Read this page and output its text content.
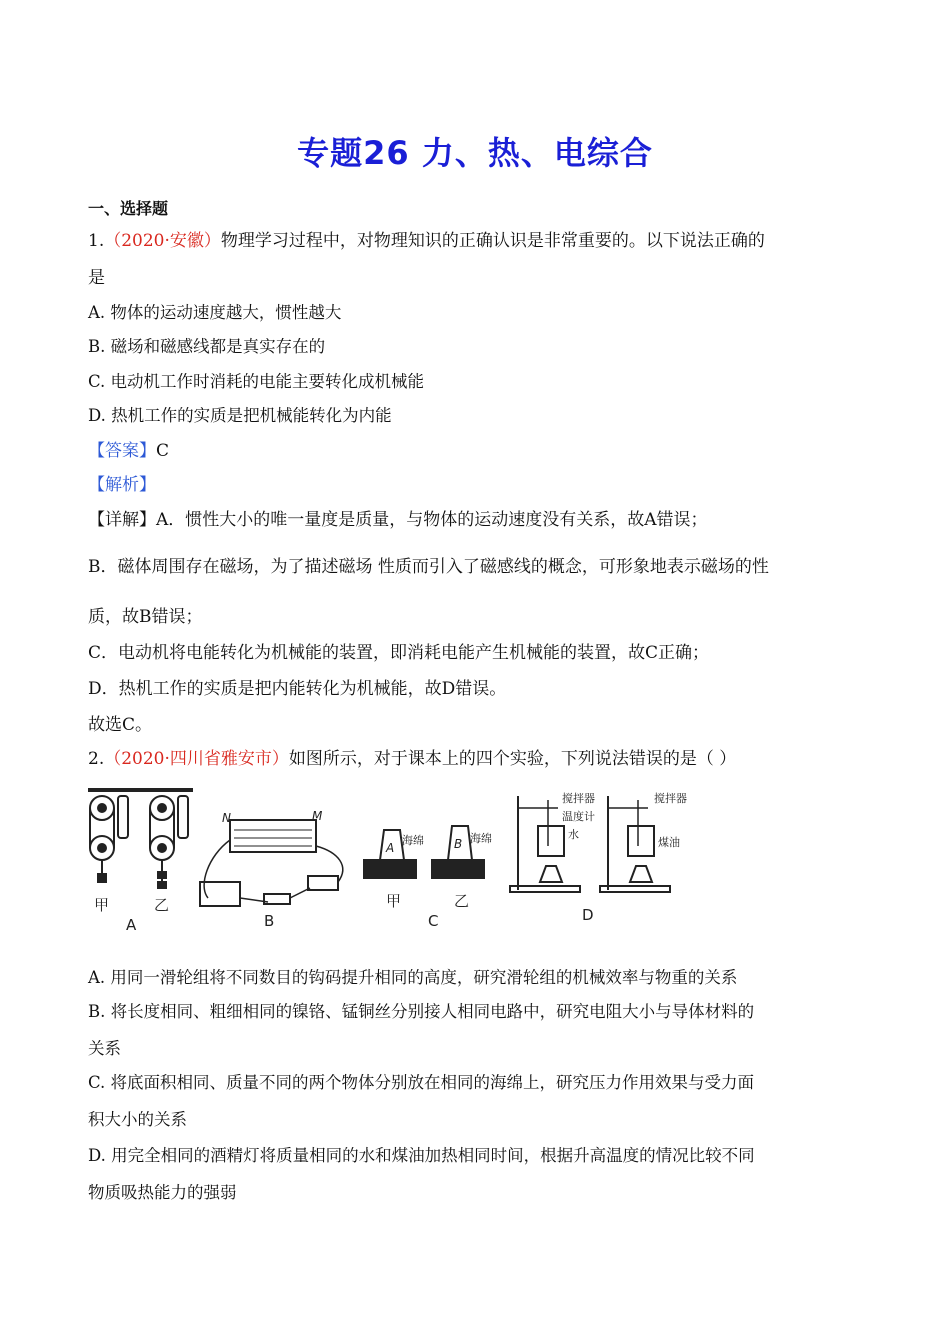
专题26 力、热、电综合
一、选择题
1.（2020·安徽）物理学习过程中，对物理知识的正确认识是非常重要的。以下说法正确的
是
A. 物体的运动速度越大，惯性越大
B. 磁场和磁感线都是真实存在的
C. 电动机工作时消耗的电能主要转化成机械能
D. 热机工作的实质是把机械能转化为内能
【答案】C
【解析】
【详解】A．惯性大小的唯一量度是质量，与物体的运动速度没有关系，故A错误；
B．磁体周围存在磁场，为了描述磁场 性质而引入了磁感线的概念，可形象地表示磁场的性
质，故B错误；
C．电动机将电能转化为机械能的装置，即消耗电能产生机械能的装置，故C正确；
D．热机工作的实质是把内能转化为机械能，故D错误。
故选C。
2.（2020·四川省雅安市）如图所示，对于课本上的四个实验，下列说法错误的是（ ）
甲	乙
A
N	M
B
A
海绵	B 海绵
甲	乙
C
搅拌器
温度计
水
搅拌器
煤油
D
A. 用同一滑轮组将不同数目的钩码提升相同的高度，研究滑轮组的机械效率与物重的关系
B. 将长度相同、粗细相同的镍铬、锰铜丝分别接人相同电路中，研究电阻大小与导体材料的
关系
C. 将底面积相同、质量不同的两个物体分别放在相同的海绵上，研究压力作用效果与受力面
积大小的关系
D. 用完全相同的酒精灯将质量相同的水和煤油加热相同时间，根据升高温度的情况比较不同
物质吸热能力的强弱
